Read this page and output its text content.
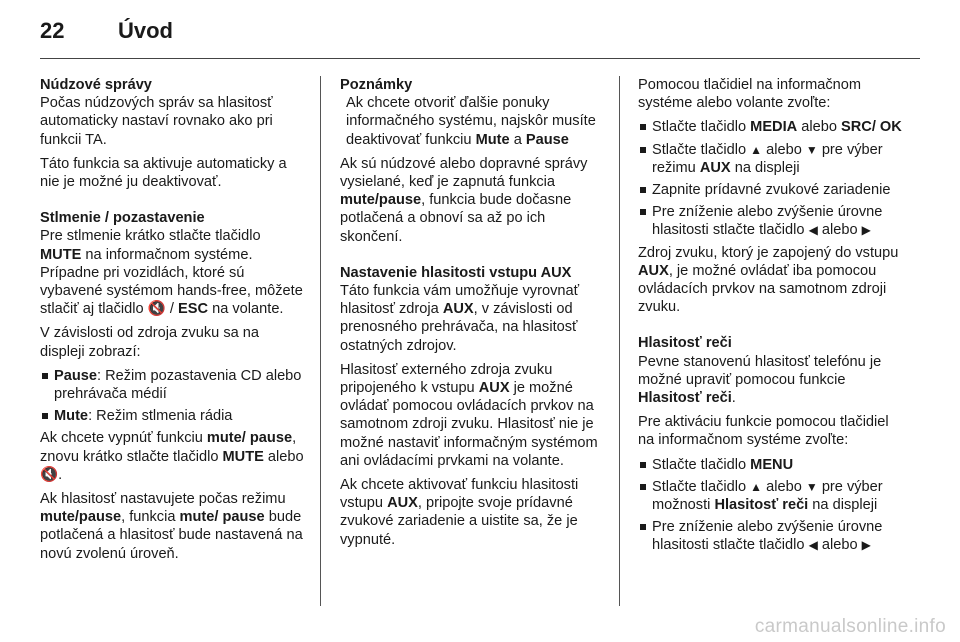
22 Úvod
Núdzové správy

Počas núdzových správ sa hlasitosť automaticky nastaví rovnako ako pri funkcii TA.

Táto funkcia sa aktivuje automaticky a nie je možné ju deaktivovať.

Stlmenie / pozastavenie

Pre stlmenie krátko stlačte tlačidlo MUTE na informačnom systéme. Prípadne pri vozidlách, ktoré sú vybavené systémom hands-free, môžete stlačiť aj tlačidlo 🔇 / ESC na volante.

V závislosti od zdroja zvuku sa na displeji zobrazí:

Pause: Režim pozastavenia CD alebo prehrávača médií
Mute: Režim stlmenia rádia

Ak chcete vypnúť funkciu mute/ pause, znovu krátko stlačte tlačidlo MUTE alebo 🔇.

Ak hlasitosť nastavujete počas režimu mute/pause, funkcia mute/ pause bude potlačená a hlasitosť bude nastavená na novú zvolenú úroveň.

Poznámky
Ak chcete otvoriť ďalšie ponuky informačného systému, najskôr musíte deaktivovať funkciu Mute a Pause

Ak sú núdzové alebo dopravné správy vysielané, keď je zapnutá funkcia mute/pause, funkcia bude dočasne potlačená a obnoví sa až po ich skončení.

Nastavenie hlasitosti vstupu AUX

Táto funkcia vám umožňuje vyrovnať hlasitosť zdroja AUX, v závislosti od prenosného prehrávača, na hlasitosť ostatných zdrojov.

Hlasitosť externého zdroja zvuku pripojeného k vstupu AUX je možné ovládať pomocou ovládacích prvkov na samotnom zdroji zvuku. Hlasitosť nie je možné nastaviť informačným systémom ani ovládacími prvkami na volante.

Ak chcete aktivovať funkciu hlasitosti vstupu AUX, pripojte svoje prídavné zvukové zariadenie a uistite sa, že je vypnuté.

Pomocou tlačidiel na informačnom systéme alebo volante zvoľte:

Stlačte tlačidlo MEDIA alebo SRC/ OK
Stlačte tlačidlo ▲ alebo ▼ pre výber režimu AUX na displeji
Zapnite prídavné zvukové zariadenie
Pre zníženie alebo zvýšenie úrovne hlasitosti stlačte tlačidlo ◀ alebo ▶

Zdroj zvuku, ktorý je zapojený do vstupu AUX, je možné ovládať iba pomocou ovládacích prvkov na samotnom zdroji zvuku.

Hlasitosť reči

Pevne stanovenú hlasitosť telefónu je možné upraviť pomocou funkcie Hlasitosť reči.

Pre aktiváciu funkcie pomocou tlačidiel na informačnom systéme zvoľte:

Stlačte tlačidlo MENU
Stlačte tlačidlo ▲ alebo ▼ pre výber možnosti Hlasitosť reči na displeji
Pre zníženie alebo zvýšenie úrovne hlasitosti stlačte tlačidlo ◀ alebo ▶
carmanualsonline.info
